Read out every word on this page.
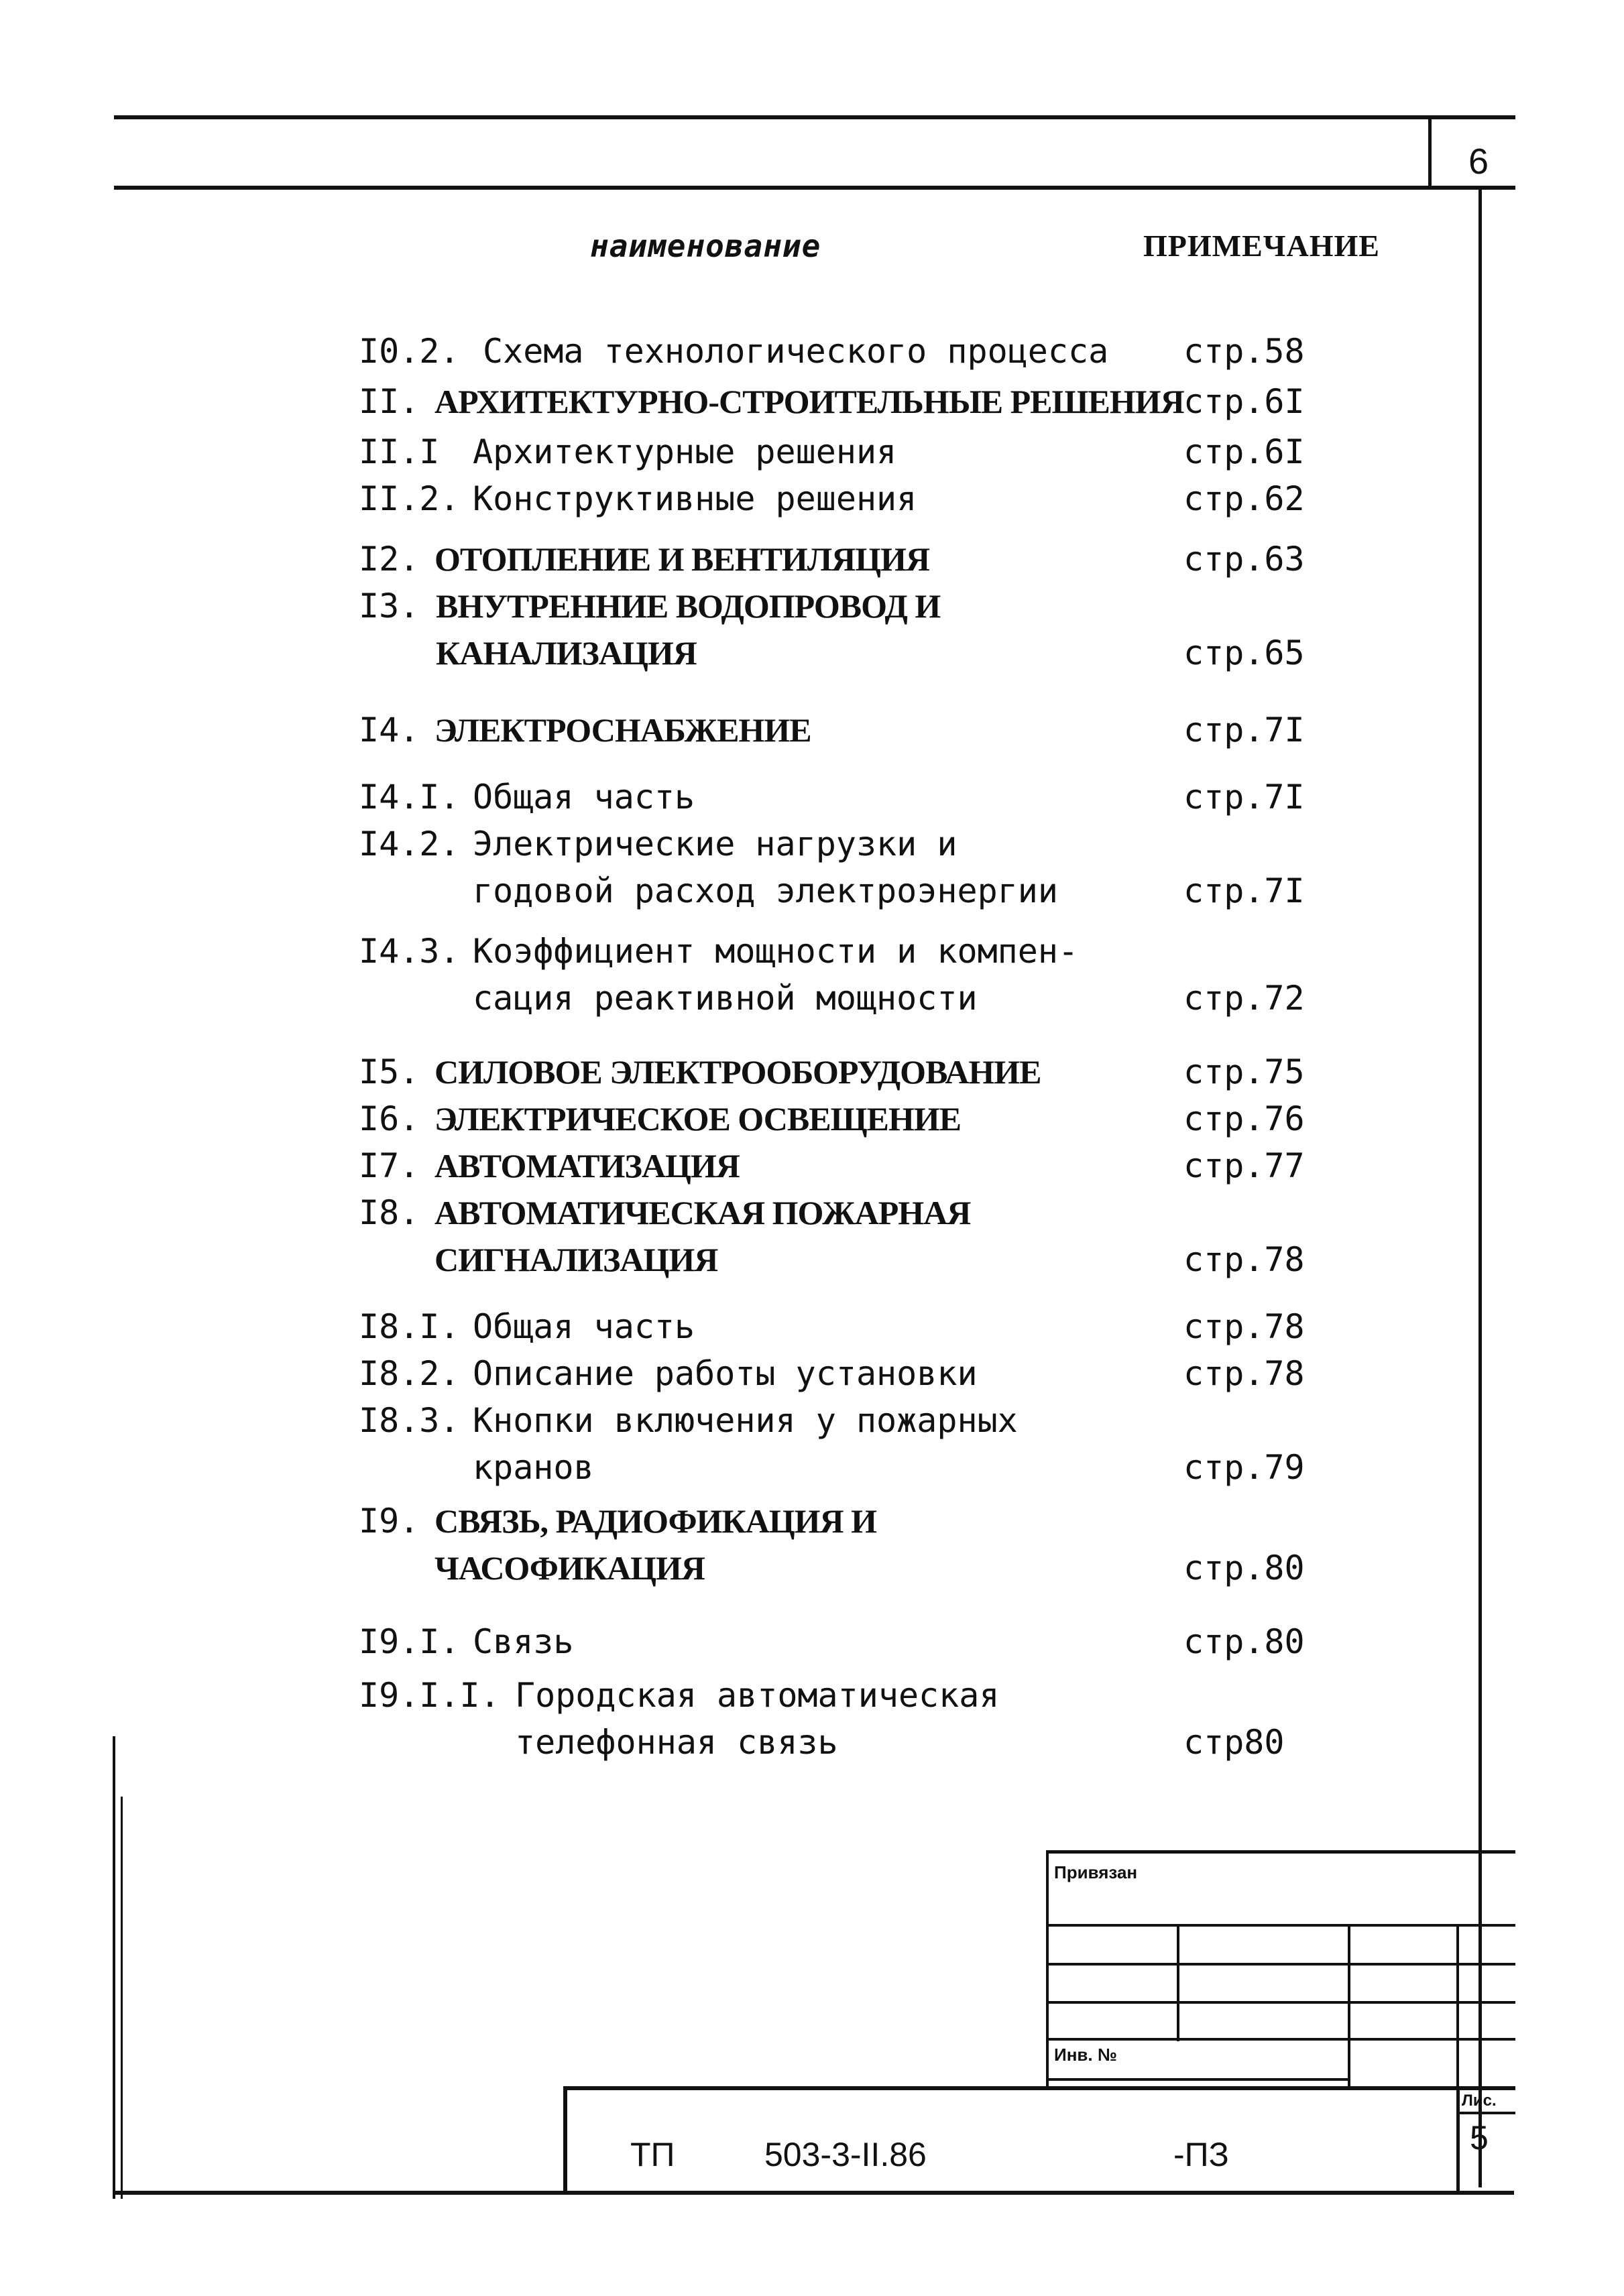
6
наименование	ПРИМЕЧАНИЕ
I0.2. Схема технологического процесса стр.58
II. АРХИТЕКТУРНО-СТРОИТЕЛЬНЫЕ РЕШЕНИЯ стр.6I
II.I Архитектурные решения	стр.6I
II.2. Конструктивные решения	стр.62
I2. ОТОПЛЕНИЕ И ВЕНТИЛЯЦИЯ	стр.63
I3. ВНУТРЕННИЕ ВОДОПРОВОД И
КАНАЛИЗАЦИЯ	стр.65
I4. ЭЛЕКТРОСНАБЖЕНИЕ	стр.7I
I4.I. Общая часть	стр.7I
I4.2. Электрические нагрузки и
годовой расход электроэнергии	стр.7I
I4.3. Коэффициент мощности и компен-
сация реактивной мощности	стр.72
I5. СИЛОВОЕ ЭЛЕКТРООБОРУДОВАНИЕ	стр.75
I6. ЭЛЕКТРИЧЕСКОЕ ОСВЕЩЕНИЕ	стр.76
I7. АВТОМАТИЗАЦИЯ	стр.77
I8. АВТОМАТИЧЕСКАЯ ПОЖАРНАЯ
СИГНАЛИЗАЦИЯ	стр.78
I8.I. Общая часть	стр.78
I8.2. Описание работы установки	стр.78
I8.3. Кнопки включения у пожарных
кранов	стр.79
I9. СВЯЗЬ, РАДИОФИКАЦИЯ И
ЧАСОФИКАЦИЯ	стр.80
I9.I. Связь	стр.80
I9.I.I. Городская автоматическая
телефонная связь	стр80
Привязан
Инв. №
Лис.
5
ТП	503-3-II.86	-ПЗ
